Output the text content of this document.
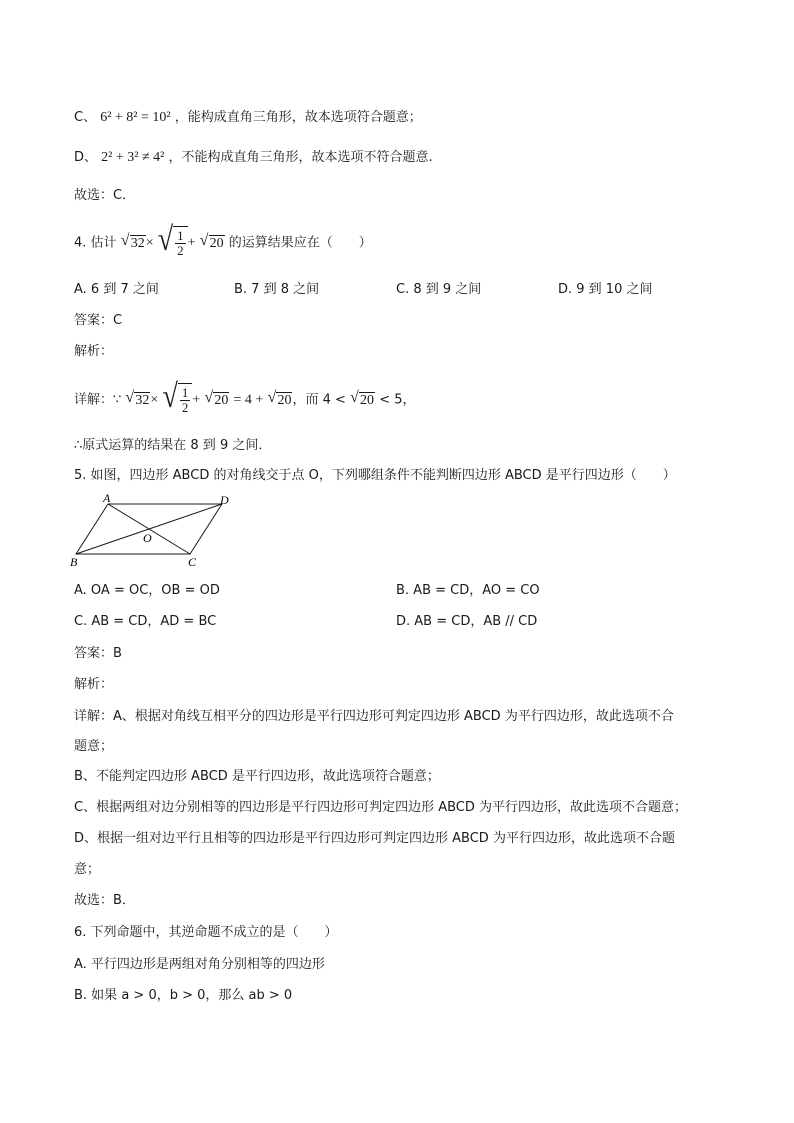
C、 6² + 8² = 10² ，能构成直角三角形，故本选项符合题意；
D、 2² + 3² ≠ 4² ，不能构成直角三角形，故本选项不符合题意.
故选：C．
4. 估计 √ 32× √ $\frac{1}{2}$ + √ 20 的运算结果应在（　　）
A. 6 到 7 之间	B. 7 到 8 之间	C. 8 到 9 之间	D. 9 到 10 之间
答案：C
解析：
详解：∵ √ 32× √ $\frac{1}{2}$ + √ 20 = 4 + √ 20，而 4 < √ 20 < 5，
∴原式运算的结果在 8 到 9 之间．
5. 如图，四边形 ABCD 的对角线交于点 O，下列哪组条件不能判断四边形 ABCD 是平行四边形（　　）
A	D
B	C
O
A. OA = OC，OB = OD	B. AB = CD，AO = CO
C. AB = CD，AD = BC	D. AB = CD，AB // CD
答案：B
解析：
详解：A、根据对角线互相平分的四边形是平行四边形可判定四边形 ABCD 为平行四边形，故此选项不合
题意；
B、不能判定四边形 ABCD 是平行四边形，故此选项符合题意；
C、根据两组对边分别相等的四边形是平行四边形可判定四边形 ABCD 为平行四边形，故此选项不合题意；
D、根据一组对边平行且相等的四边形是平行四边形可判定四边形 ABCD 为平行四边形，故此选项不合题
意；
故选：B．
6. 下列命题中，其逆命题不成立的是（　　）
A. 平行四边形是两组对角分别相等的四边形
B. 如果 a > 0，b > 0，那么 ab > 0
